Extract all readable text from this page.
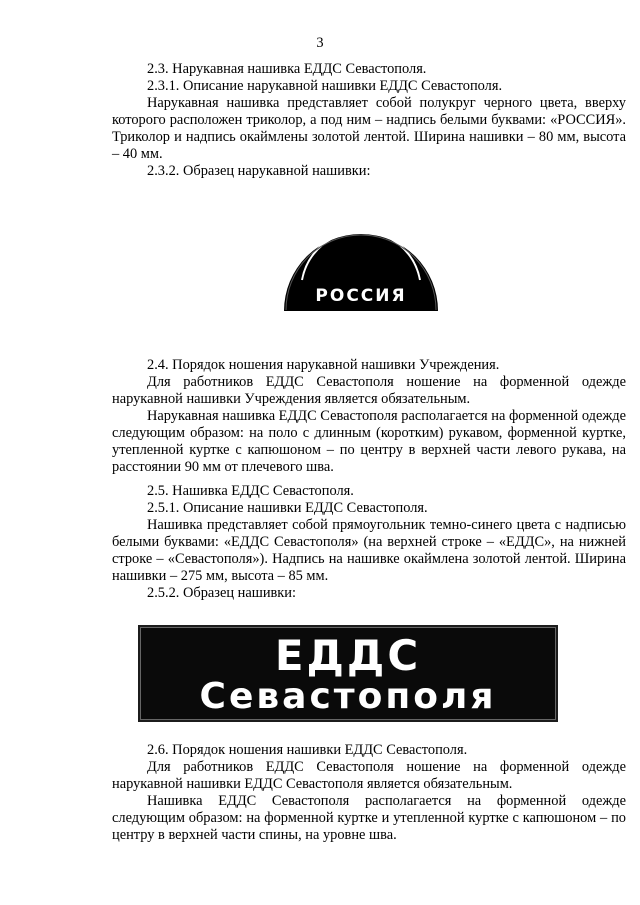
3

2.3. Нарукавная нашивка ЕДДС Севастополя.

2.3.1. Описание нарукавной нашивки ЕДДС Севастополя.

Нарукавная нашивка представляет собой полукруг черного цвета, вверху которого расположен триколор, а под ним – надпись белыми буквами: «РОССИЯ». Триколор и надпись окаймлены золотой лентой. Ширина нашивки – 80 мм, высота – 40 мм.

2.3.2. Образец нарукавной нашивки:

РОССИЯ

2.4. Порядок ношения нарукавной нашивки Учреждения.

Для работников ЕДДС Севастополя ношение на форменной одежде нарукавной нашивки Учреждения является обязательным.

Нарукавная нашивка ЕДДС Севастополя располагается на форменной одежде следующим образом: на поло с длинным (коротким) рукавом, форменной куртке, утепленной куртке с капюшоном – по центру в верхней части левого рукава, на расстоянии 90 мм от плечевого шва.

2.5. Нашивка ЕДДС Севастополя.

2.5.1. Описание нашивки ЕДДС Севастополя.

Нашивка представляет собой прямоугольник темно-синего цвета с надписью белыми буквами: «ЕДДС Севастополя» (на верхней строке – «ЕДДС», на нижней строке – «Севастополя»). Надпись на нашивке окаймлена золотой лентой. Ширина нашивки – 275 мм, высота – 85 мм.

2.5.2. Образец нашивки:

ЕДДС
Севастополя

2.6. Порядок ношения нашивки ЕДДС Севастополя.

Для работников ЕДДС Севастополя ношение на форменной одежде нарукавной нашивки ЕДДС Севастополя является обязательным.

Нашивка ЕДДС Севастополя располагается на форменной одежде следующим образом: на форменной куртке и утепленной куртке с капюшоном – по центру в верхней части спины, на уровне шва.
